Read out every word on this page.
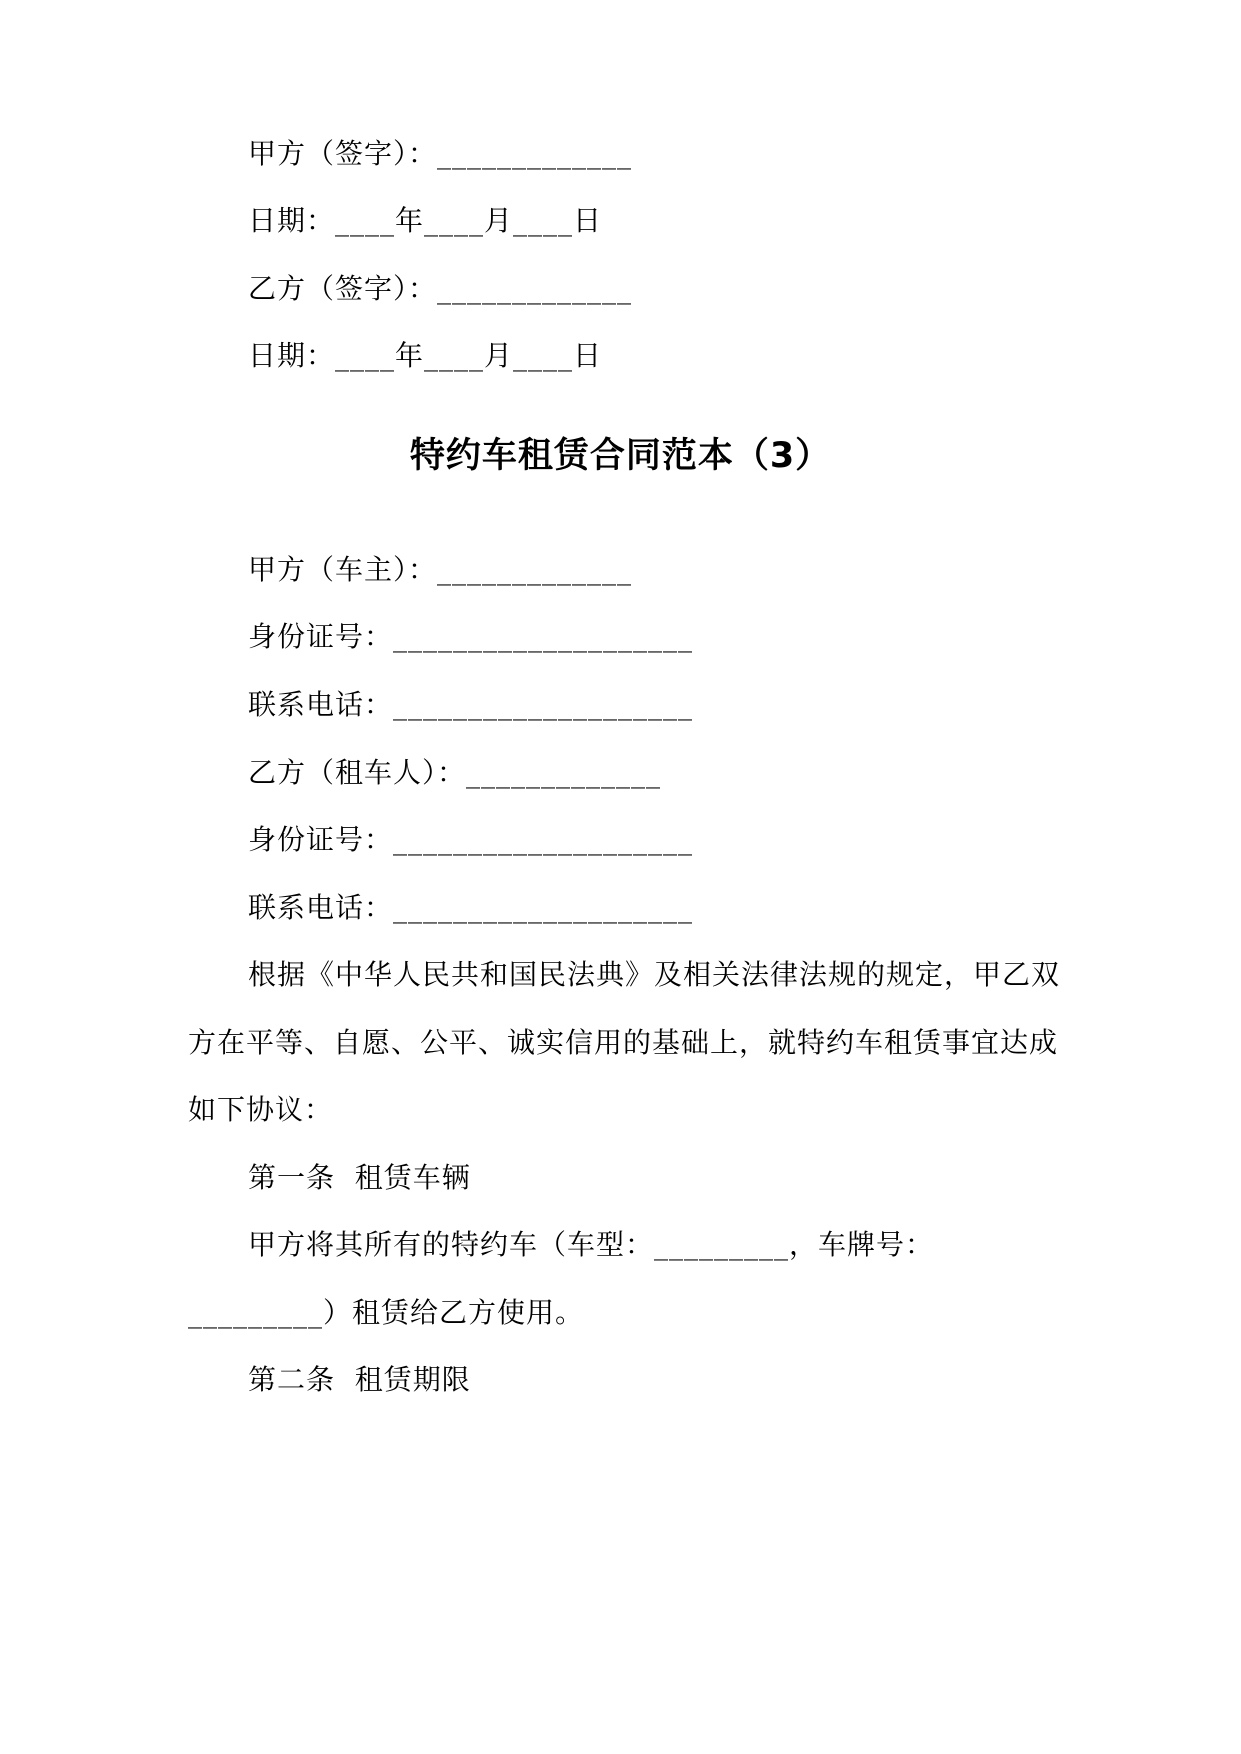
甲方（签字）：_____________
日期：____年____月____日
乙方（签字）：_____________
日期：____年____月____日
特约车租赁合同范本（3）
甲方（车主）：_____________
身份证号：____________________
联系电话：____________________
乙方（租车人）：_____________
身份证号：____________________
联系电话：____________________
根据《中华人民共和国民法典》及相关法律法规的规定，甲乙双
方在平等、自愿、公平、诚实信用的基础上，就特约车租赁事宜达成
如下协议：
第一条  租赁车辆
甲方将其所有的特约车（车型：_________，车牌号：
_________）租赁给乙方使用。
第二条  租赁期限
